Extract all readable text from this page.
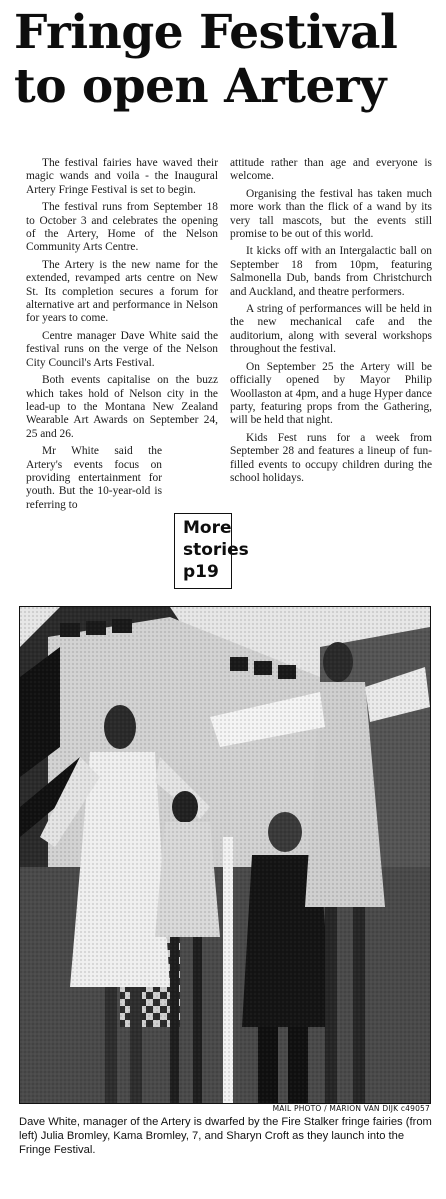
Fringe Festival
to open Artery

The festival fairies have waved their magic wands and voila - the Inaugural Artery Fringe Festival is set to begin.

The festival runs from September 18 to October 3 and celebrates the opening of the Artery, Home of the Nelson Community Arts Centre.

The Artery is the new name for the extended, revamped arts centre on New St. Its completion secures a forum for alternative art and performance in Nelson for years to come.

Centre manager Dave White said the festival runs on the verge of the Nelson City Council's Arts Festival.

Both events capitalise on the buzz which takes hold of Nelson city in the lead-up to the Montana New Zealand Wearable Art Awards on September 24, 25 and 26.

Mr White said the Artery's events focus on providing entertainment for youth. But the 10-year-old is referring to

attitude rather than age and everyone is welcome.

Organising the festival has taken much more work than the flick of a wand by its very tall mascots, but the events still promise to be out of this world.

It kicks off with an Intergalactic ball on September 18 from 10pm, featuring Salmonella Dub, bands from Christchurch and Auckland, and theatre performers.

A string of performances will be held in the new mechanical cafe and the auditorium, along with several workshops throughout the festival.

On September 25 the Artery will be officially opened by Mayor Philip Woollaston at 4pm, and a huge Hyper dance party, featuring props from the Gathering, will be held that night.

Kids Fest runs for a week from September 28 and features a lineup of fun-filled events to occupy children during the school holidays.

More
stories
p19
MAIL PHOTO / MARION VAN DIJK c49057
Dave White, manager of the Artery is dwarfed by the Fire Stalker fringe fairies (from left) Julia Bromley, Kama Bromley, 7, and Sharyn Croft as they launch into the Fringe Festival.
